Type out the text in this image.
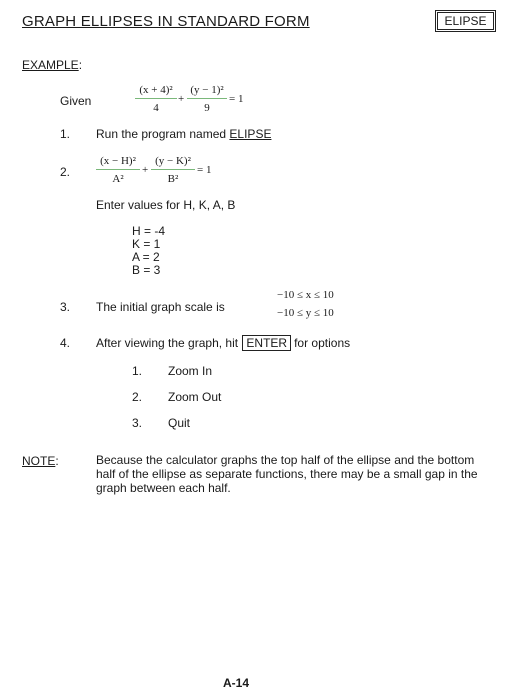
GRAPH ELLIPSES IN STANDARD FORM	ELIPSE
EXAMPLE:
Given
(x + 4)²
4
+
(y − 1)²
9
= 1
1. Run the program named ELIPSE
2.
(x − H)²
A²
+
(y − K)²
B²
= 1
Enter values for H, K, A, B
H = -4
K = 1
A = 2
B = 3
3. The initial graph scale is
−10 ≤ x ≤ 10
−10 ≤ y ≤ 10
4. After viewing the graph, hit ENTER for options
1. Zoom In
2. Zoom Out
3. Quit
NOTE:	Because the calculator graphs the top half of the ellipse and the bottom half of the ellipse as separate functions, there may be a small gap in the graph between each half.
A-14
